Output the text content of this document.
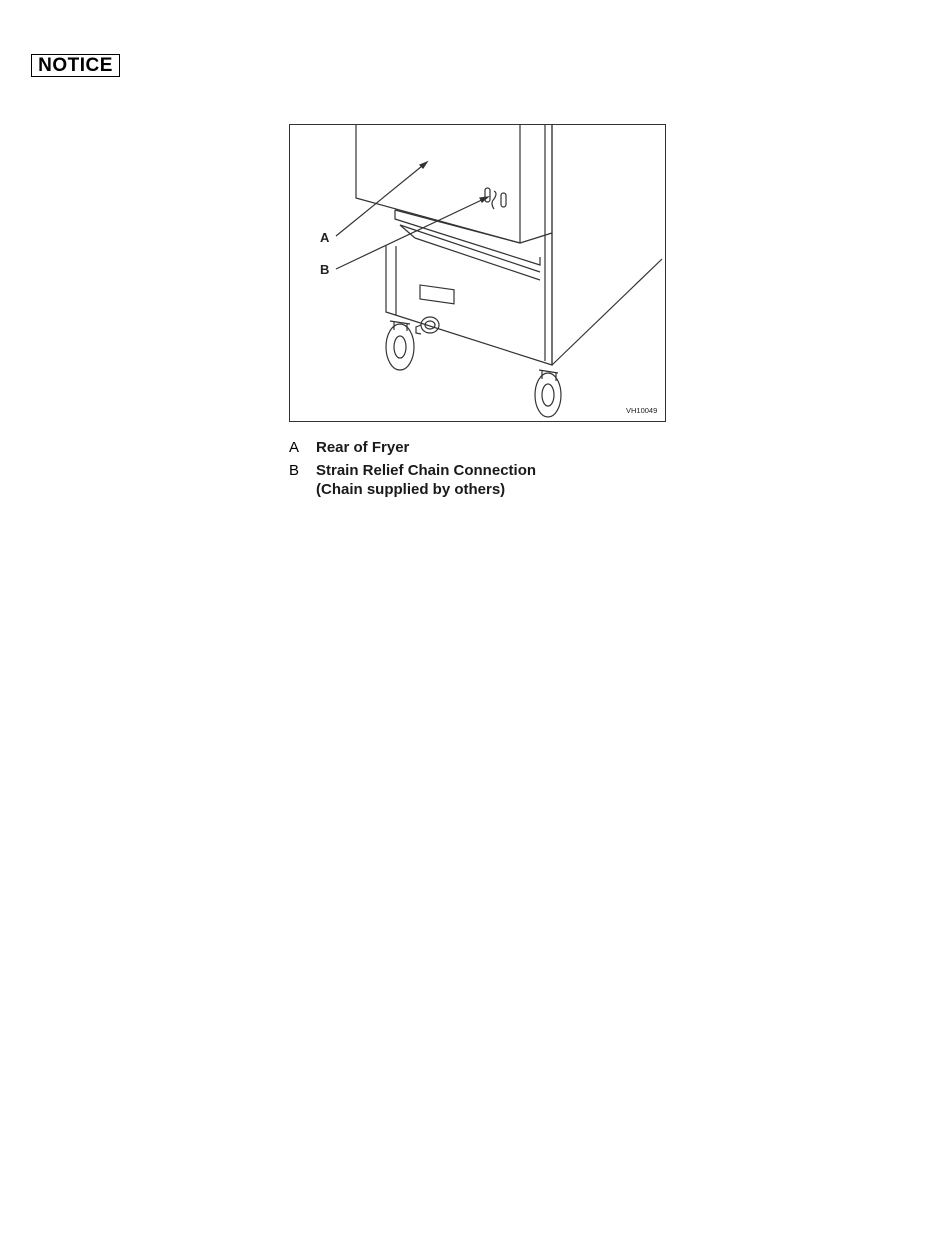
NOTICE
A
B
VH10049
A	Rear of Fryer
B	Strain Relief Chain Connection
(Chain supplied by others)
